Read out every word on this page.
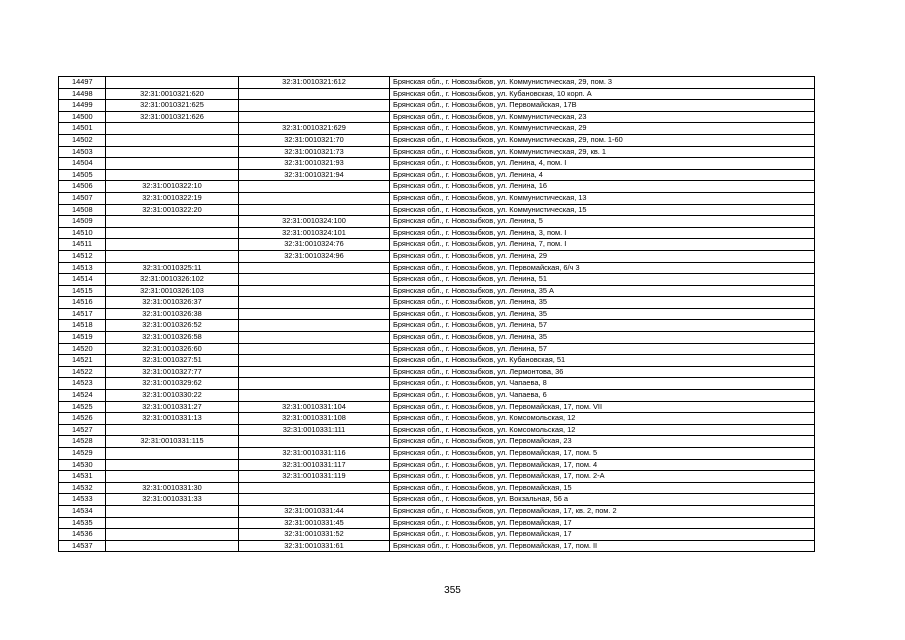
14497		32:31:0010321:612	Брянская обл., г. Новозыбков, ул. Коммунистическая, 29, пом. 3
14498	32:31:0010321:620		Брянская обл., г. Новозыбков, ул. Кубановская, 10 корп. А
14499	32:31:0010321:625		Брянская обл., г. Новозыбков, ул. Первомайская, 17В
14500	32:31:0010321:626		Брянская обл., г. Новозыбков, ул. Коммунистическая, 23
14501		32:31:0010321:629	Брянская обл., г. Новозыбков, ул. Коммунистическая, 29
14502		32:31:0010321:70	Брянская обл., г. Новозыбков, ул. Коммунистическая, 29, пом. 1-60
14503		32:31:0010321:73	Брянская обл., г. Новозыбков, ул. Коммунистическая, 29, кв. 1
14504		32:31:0010321:93	Брянская обл., г. Новозыбков, ул. Ленина, 4, пом. I
14505		32:31:0010321:94	Брянская обл., г. Новозыбков, ул. Ленина, 4
14506	32:31:0010322:10		Брянская обл., г. Новозыбков, ул. Ленина, 16
14507	32:31:0010322:19		Брянская обл., г. Новозыбков, ул. Коммунистическая, 13
14508	32:31:0010322:20		Брянская обл., г. Новозыбков, ул. Коммунистическая, 15
14509		32:31:0010324:100	Брянская обл., г. Новозыбков, ул. Ленина, 5
14510		32:31:0010324:101	Брянская обл., г. Новозыбков, ул. Ленина, 3, пом. I
14511		32:31:0010324:76	Брянская обл., г. Новозыбков, ул. Ленина, 7, пом. I
14512		32:31:0010324:96	Брянская обл., г. Новозыбков, ул. Ленина, 29
14513	32:31:0010325:11		Брянская обл., г. Новозыбков, ул. Первомайская, 6/ч 3
14514	32:31:0010326:102		Брянская обл., г. Новозыбков, ул. Ленина, 51
14515	32:31:0010326:103		Брянская обл., г. Новозыбков, ул. Ленина, 35 А
14516	32:31:0010326:37		Брянская обл., г. Новозыбков, ул. Ленина, 35
14517	32:31:0010326:38		Брянская обл., г. Новозыбков, ул. Ленина, 35
14518	32:31:0010326:52		Брянская обл., г. Новозыбков, ул. Ленина, 57
14519	32:31:0010326:58		Брянская обл., г. Новозыбков, ул. Ленина, 35
14520	32:31:0010326:60		Брянская обл., г. Новозыбков, ул. Ленина, 57
14521	32:31:0010327:51		Брянская обл., г. Новозыбков, ул. Кубановская, 51
14522	32:31:0010327:77		Брянская обл., г. Новозыбков, ул. Лермонтова, 36
14523	32:31:0010329:62		Брянская обл., г. Новозыбков, ул. Чапаева, 8
14524	32:31:0010330:22		Брянская обл., г. Новозыбков, ул. Чапаева, 6
14525	32:31:0010331:27	32:31:0010331:104	Брянская обл., г. Новозыбков, ул. Первомайская, 17, пом. VII
14526	32:31:0010331:13	32:31:0010331:108	Брянская обл., г. Новозыбков, ул. Комсомольская, 12
14527		32:31:0010331:111	Брянская обл., г. Новозыбков, ул. Комсомольская, 12
14528	32:31:0010331:115		Брянская обл., г. Новозыбков, ул. Первомайская, 23
14529		32:31:0010331:116	Брянская обл., г. Новозыбков, ул. Первомайская, 17, пом. 5
14530		32:31:0010331:117	Брянская обл., г. Новозыбков, ул. Первомайская, 17, пом. 4
14531		32:31:0010331:119	Брянская обл., г. Новозыбков, ул. Первомайская, 17, пом. 2-А
14532	32:31:0010331:30		Брянская обл., г. Новозыбков, ул. Первомайская, 15
14533	32:31:0010331:33		Брянская обл., г. Новозыбков, ул. Вокзальная, 56 а
14534		32:31:0010331:44	Брянская обл., г. Новозыбков, ул. Первомайская, 17, кв. 2, пом. 2
14535		32:31:0010331:45	Брянская обл., г. Новозыбков, ул. Первомайская, 17
14536		32:31:0010331:52	Брянская обл., г. Новозыбков, ул. Первомайская, 17
14537		32:31:0010331:61	Брянская обл., г. Новозыбков, ул. Первомайская, 17, пом. II
355
